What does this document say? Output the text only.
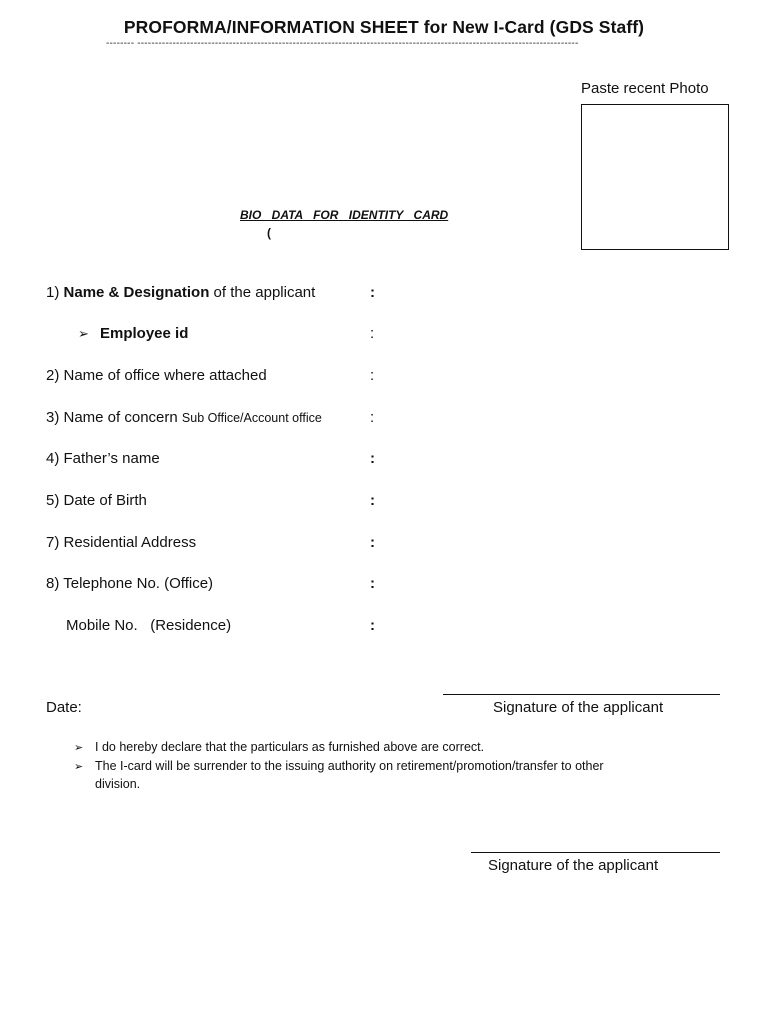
PROFORMA/INFORMATION SHEET for New I-Card (GDS Staff)
-------- -----------------------------------------------------------------------------------------------------------------------------
Paste recent Photo
BIO DATA FOR IDENTITY CARD
(
1) Name & Designation of the applicant	:
➢ Employee id	:
2) Name of office where attached	:
3) Name of concern Sub Office/Account office	:
4) Father’s name	:
5) Date of Birth	:
7) Residential Address	:
8) Telephone No. (Office)	:
Mobile No.   (Residence)	:
Date:	Signature of the applicant
➢ I do hereby declare that the particulars as furnished above are correct.
➢ The I-card will be surrender to the issuing authority on retirement/promotion/transfer to other
division.
Signature of the applicant
